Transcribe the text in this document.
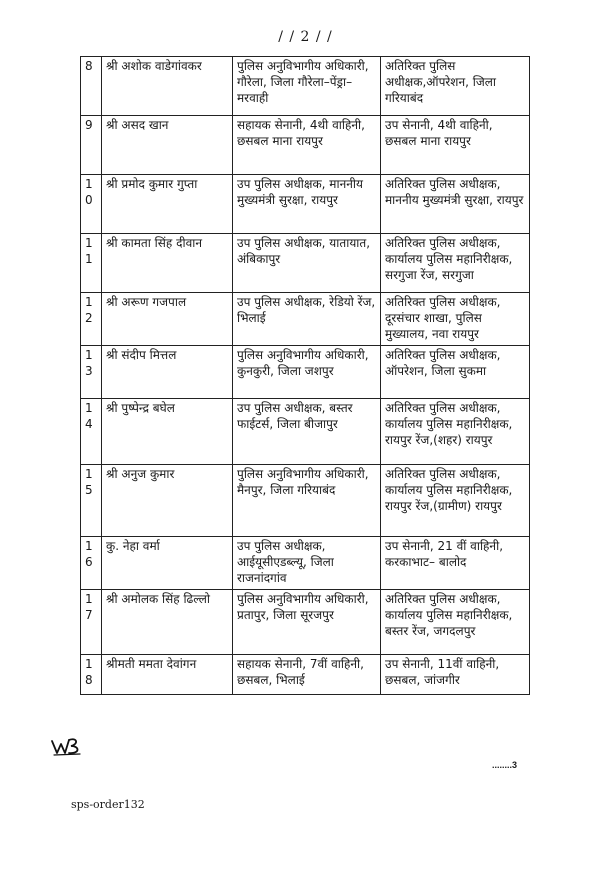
/ / 2 / /
8	श्री अशोक वाडेगांवकर	पुलिस अनुविभागीय अधिकारी, गौरेला, जिला गौरेला–पेंड्रा– मरवाही	अतिरिक्त पुलिस अधीक्षक,ऑपरेशन, जिला गरियाबंद
9	श्री असद खान	सहायक सेनानी, 4थी वाहिनी, छसबल माना रायपुर	उप सेनानी, 4थी वाहिनी, छसबल माना रायपुर
10	श्री प्रमोद कुमार गुप्ता	उप पुलिस अधीक्षक, माननीय मुख्यमंत्री सुरक्षा, रायपुर	अतिरिक्त पुलिस अधीक्षक, माननीय मुख्यमंत्री सुरक्षा, रायपुर
11	श्री कामता सिंह दीवान	उप पुलिस अधीक्षक, यातायात, अंबिकापुर	अतिरिक्त पुलिस अधीक्षक, कार्यालय पुलिस महानिरीक्षक, सरगुजा रेंज, सरगुजा
12	श्री अरूण गजपाल	उप पुलिस अधीक्षक, रेडियो रेंज, भिलाई	अतिरिक्त पुलिस अधीक्षक, दूरसंचार शाखा, पुलिस मुख्यालय, नवा रायपुर
13	श्री संदीप मित्तल	पुलिस अनुविभागीय अधिकारी, कुनकुरी, जिला जशपुर	अतिरिक्त पुलिस अधीक्षक, ऑपरेशन, जिला सुकमा
14	श्री पुष्पेन्द्र बघेल	उप पुलिस अधीक्षक, बस्तर फाईटर्स, जिला बीजापुर	अतिरिक्त पुलिस अधीक्षक, कार्यालय पुलिस महानिरीक्षक, रायपुर रेंज,(शहर) रायपुर
15	श्री अनुज कुमार	पुलिस अनुविभागीय अधिकारी, मैनपुर, जिला गरियाबंद	अतिरिक्त पुलिस अधीक्षक, कार्यालय पुलिस महानिरीक्षक, रायपुर रेंज,(ग्रामीण) रायपुर
16	कु. नेहा वर्मा	उप पुलिस अधीक्षक, आईयूसीएडब्ल्यू, जिला राजनांदगांव	उप सेनानी, 21 वीं वाहिनी, करकाभाट– बालोद
17	श्री अमोलक सिंह ढिल्लो	पुलिस अनुविभागीय अधिकारी, प्रतापुर, जिला सूरजपुर	अतिरिक्त पुलिस अधीक्षक, कार्यालय पुलिस महानिरीक्षक, बस्तर रेंज, जगदलपुर
18	श्रीमती ममता देवांगन	सहायक सेनानी, 7वीं वाहिनी, छसबल, भिलाई	उप सेनानी, 11वीं वाहिनी, छसबल, जांजगीर
........3
sps-order132
